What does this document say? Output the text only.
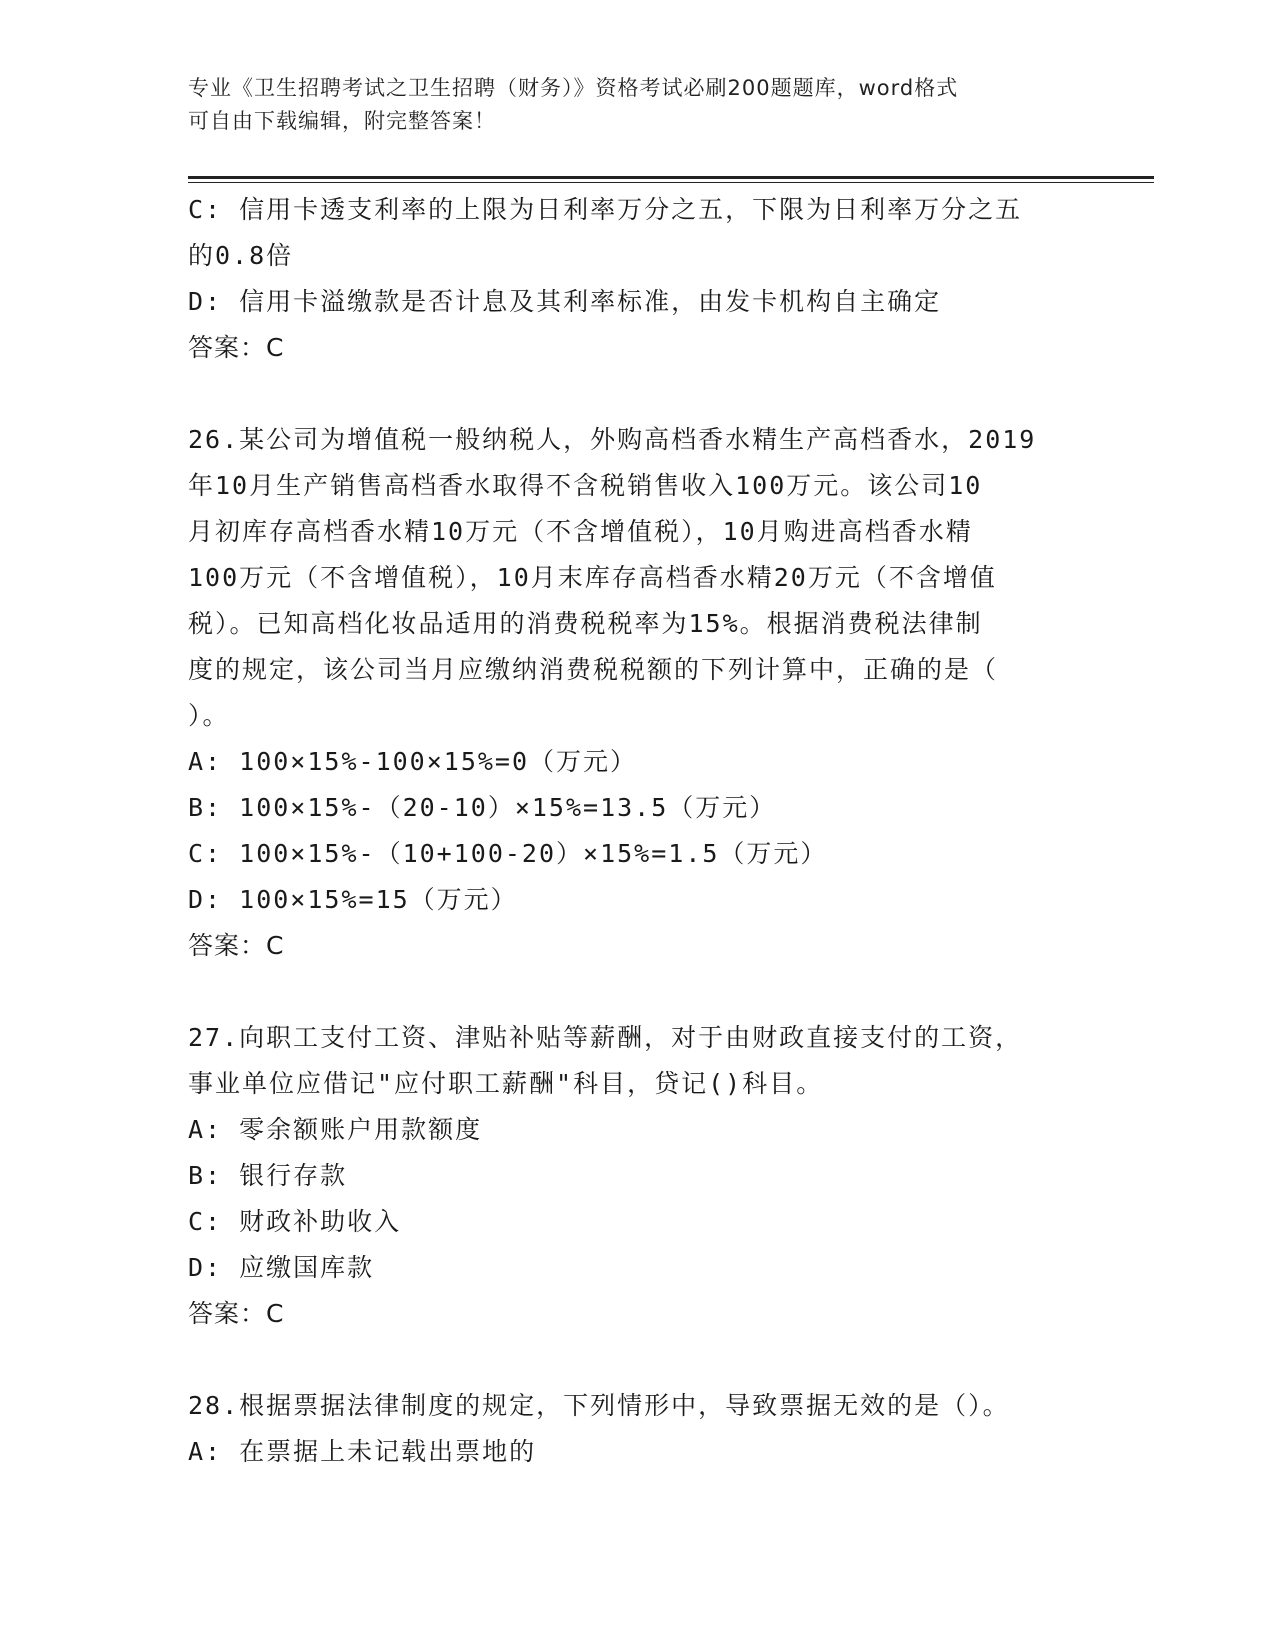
专业《卫生招聘考试之卫生招聘（财务）》资格考试必刷200题题库，word格式
可自由下载编辑，附完整答案！
C: 信用卡透支利率的上限为日利率万分之五，下限为日利率万分之五
的0.8倍
D: 信用卡溢缴款是否计息及其利率标准，由发卡机构自主确定
答案：C
26.某公司为增值税一般纳税人，外购高档香水精生产高档香水，2019
年10月生产销售高档香水取得不含税销售收入100万元。该公司10
月初库存高档香水精10万元（不含增值税），10月购进高档香水精
100万元（不含增值税），10月末库存高档香水精20万元（不含增值
税）。已知高档化妆品适用的消费税税率为15%。根据消费税法律制
度的规定，该公司当月应缴纳消费税税额的下列计算中，正确的是（
）。
A: 100×15%-100×15%=0（万元）
B: 100×15%-（20-10）×15%=13.5（万元）
C: 100×15%-（10+100-20）×15%=1.5（万元）
D: 100×15%=15（万元）
答案：C
27.向职工支付工资、津贴补贴等薪酬，对于由财政直接支付的工资，
事业单位应借记"应付职工薪酬"科目，贷记()科目。
A: 零余额账户用款额度
B: 银行存款
C: 财政补助收入
D: 应缴国库款
答案：C
28.根据票据法律制度的规定，下列情形中，导致票据无效的是（）。
A: 在票据上未记载出票地的
